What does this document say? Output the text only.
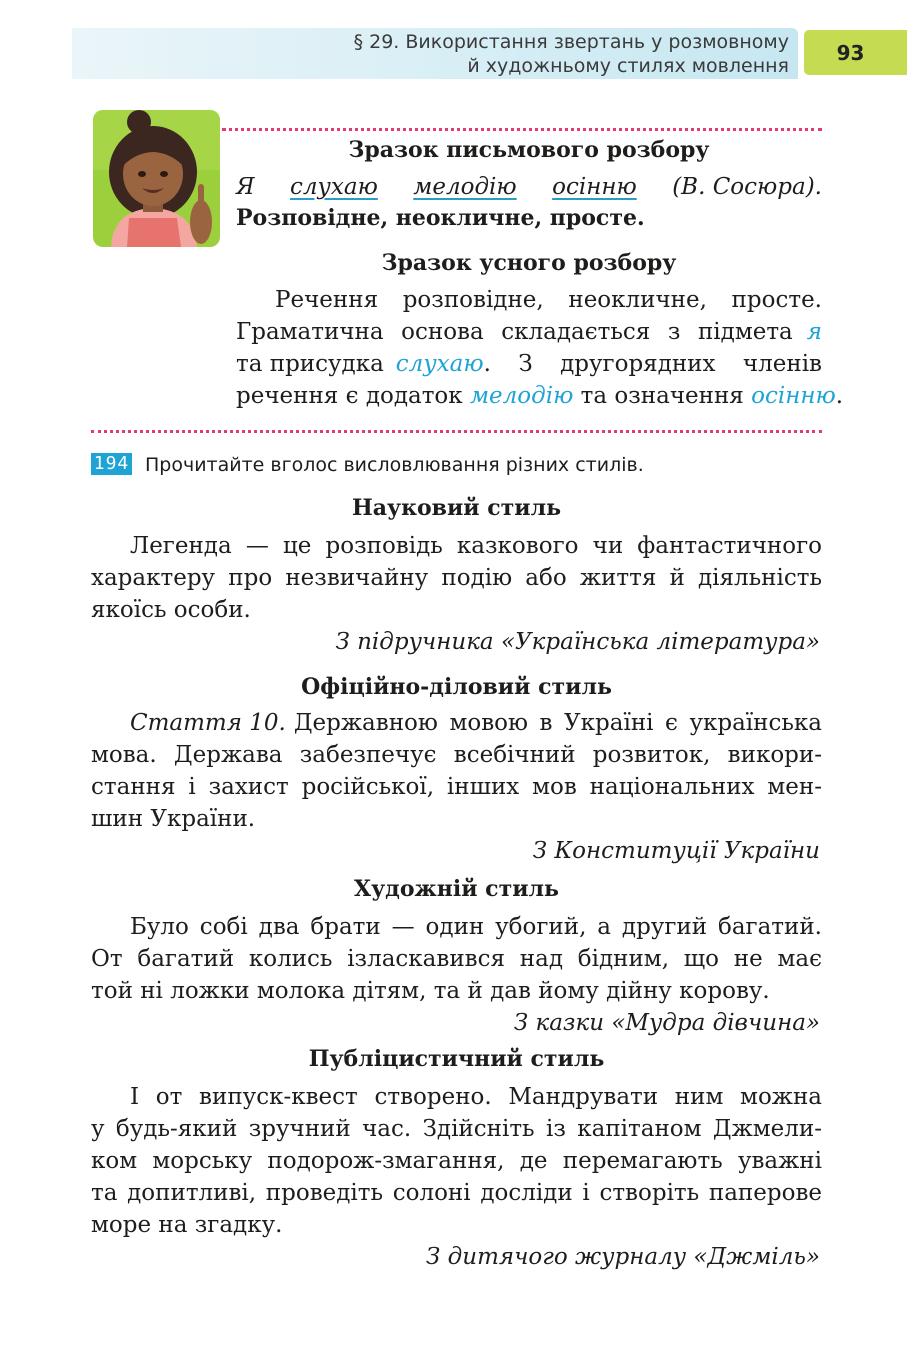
§ 29. Використання звертань у розмовному
й художньому стилях мовлення
93
Зразок письмового розбору
Я слухаю мелодію осінню (В. Сосюра).
Розповідне, неокличне, просте.
Зразок усного розбору
Речення розповідне, неокличне, просте.
Граматична основа складається з підмета я
та присудка слухаю . З другорядних членів
речення є додаток мелодію та означення осінню.
194 Прочитайте вголос висловлювання різних стилів.
Науковий стиль
Легенда — це розповідь казкового чи фантастичного
характеру про незвичайну подію або життя й діяльність
якоїсь особи.
З підручника «Українська література»
Офіційно-діловий стиль
Стаття 10. Державною мовою в Україні є українська
мова. Держава забезпечує всебічний розвиток, викори-
стання і захист російської, інших мов національних мен-
шин України.
З Конституції України
Художній стиль
Було собі два брати — один убогий, а другий багатий.
От багатий колись ізласкавився над бідним, що не має
той ні ложки молока дітям, та й дав йому дійну корову.
З казки «Мудра дівчина»
Публіцистичний стиль
І от випуск-квест створено. Мандрувати ним можна
у будь-який зручний час. Здійсніть із капітаном Джмели-
ком морську подорож-змагання, де перемагають уважні
та допитливі, проведіть солоні досліди і створіть паперове
море на згадку.
З дитячого журналу «Джміль»
